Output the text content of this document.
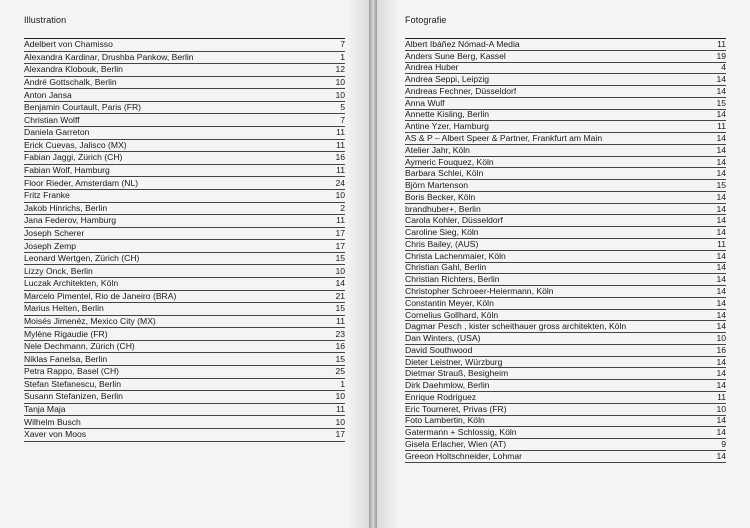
Illustration
Adelbert von Chamisso	7
Alexandra Kardinar, Drushba Pankow, Berlin	1
Alexandra Klobouk, Berlin	12
André Gottschalk, Berlin	10
Anton Jansa	10
Benjamin Courtault, Paris (FR)	5
Christian Wolff	7
Daniela Garreton	11
Erick Cuevas, Jalisco (MX)	11
Fabian Jaggi, Zürich (CH)	16
Fabian Wolf, Hamburg	11
Floor Rieder, Amsterdam (NL)	24
Fritz Franke	10
Jakob Hinrichs, Berlin	2
Jana Federov, Hamburg	11
Joseph Scherer	17
Joseph Zemp	17
Leonard Wertgen, Zürich (CH)	15
Lizzy Onck, Berlin	10
Luczak Architekten, Köln	14
Marcelo Pimentel, Rio de Janeiro (BRA)	21
Marius Helten, Berlin	15
Moisés Jimenéz, Mexico City (MX)	11
Mylène Rigaudie (FR)	23
Nele Dechmann, Zürich (CH)	16
Niklas Fanelsa, Berlin	15
Petra Rappo, Basel (CH)	25
Stefan Stefanescu, Berlin	1
Susann Stefanizen, Berlin	10
Tanja Maja	11
Wilhelm Busch	10
Xaver von Moos	17
Fotografie
Albert Ibáñez Nómad-A Media	11
Anders Sune Berg, Kassel	19
Andrea Huber	4
Andrea Seppi, Leipzig	14
Andreas Fechner, Düsseldorf	14
Anna Wulf	15
Annette Kisling, Berlin	14
Antine Yzer, Hamburg	11
AS & P – Albert Speer & Partner, Frankfurt am Main	14
Atelier Jahr, Köln	14
Aymeric Fouquez, Köln	14
Barbara Schlei, Köln	14
Björn Martenson	15
Boris Becker, Köln	14
brandhuber+, Berlin	14
Carola Kohler, Düsseldorf	14
Caroline Sieg, Köln	14
Chris Bailey, (AUS)	11
Christa Lachenmaier, Köln	14
Christian Gahl, Berlin	14
Christian Richters, Berlin	14
Christopher Schroeer-Heiermann, Köln	14
Constantin Meyer, Köln	14
Cornelius Gollhard, Köln	14
Dagmar Pesch , kister scheithauer gross architekten, Köln	14
Dan Winters, (USA)	10
David Southwood	16
Dieter Leistner, Würzburg	14
Dietmar Strauß, Besigheim	14
Dirk Daehmlow, Berlin	14
Enrique Rodriguez	11
Eric Tourneret, Privas (FR)	10
Foto Lambertin, Köln	14
Gatermann + Schlossig, Köln	14
Gisela Erlacher, Wien (AT)	9
Greeon Holtschneider, Lohmar	14
